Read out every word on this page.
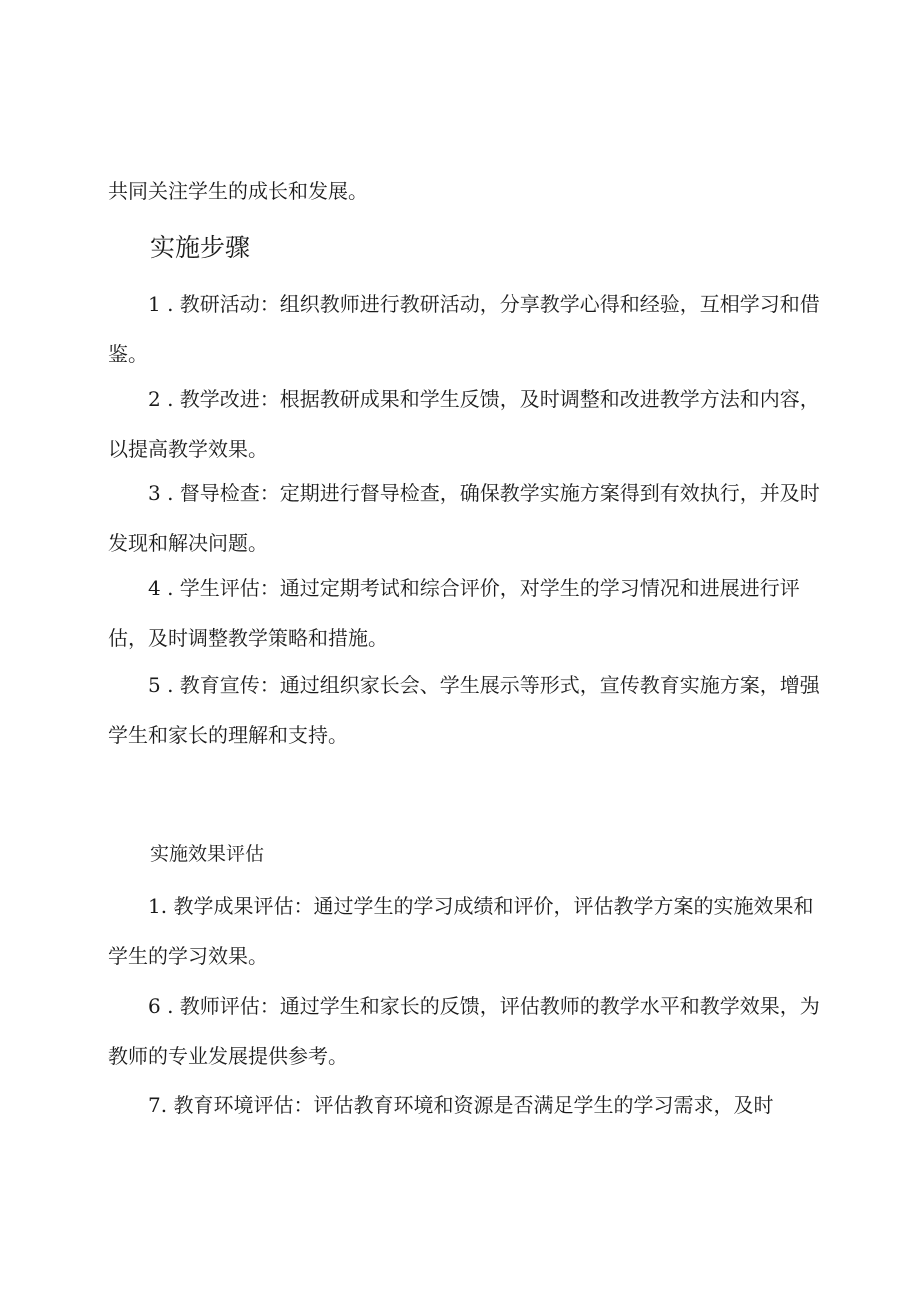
共同关注学生的成长和发展。

实施步骤

1 . 教研活动：组织教师进行教研活动，分享教学心得和经验，互相学习和借鉴。

2 . 教学改进：根据教研成果和学生反馈，及时调整和改进教学方法和内容，以提高教学效果。

3 . 督导检查：定期进行督导检查，确保教学实施方案得到有效执行，并及时发现和解决问题。

4 . 学生评估：通过定期考试和综合评价，对学生的学习情况和进展进行评估，及时调整教学策略和措施。

5 . 教育宣传：通过组织家长会、学生展示等形式，宣传教育实施方案，增强学生和家长的理解和支持。

实施效果评估

1. 教学成果评估：通过学生的学习成绩和评价，评估教学方案的实施效果和学生的学习效果。

6 . 教师评估：通过学生和家长的反馈，评估教师的教学水平和教学效果，为教师的专业发展提供参考。

7. 教育环境评估：评估教育环境和资源是否满足学生的学习需求，及时
